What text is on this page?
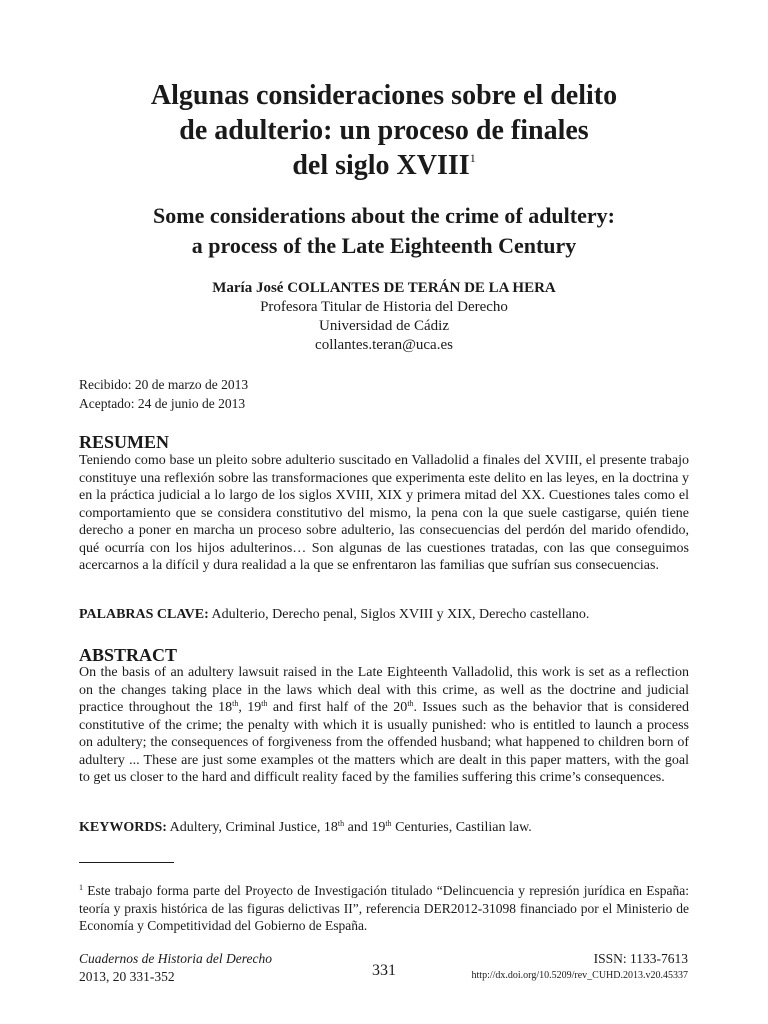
Algunas consideraciones sobre el delito
de adulterio: un proceso de finales
del siglo XVIII$^1$
Some considerations about the crime of adultery:
a process of the Late Eighteenth Century
María José COLLANTES DE TERÁN DE LA HERA
Profesora Titular de Historia del Derecho
Universidad de Cádiz
collantes.teran@uca.es
Recibido: 20 de marzo de 2013
Aceptado: 24 de junio de 2013
RESUMEN

Teniendo como base un pleito sobre adulterio suscitado en Valladolid a finales del XVIII, el presente trabajo constituye una reflexión sobre las transformaciones que experimenta este delito en las leyes, en la doctrina y en la práctica judicial a lo largo de los siglos XVIII, XIX y primera mitad del XX. Cuestiones tales como el comportamiento que se considera constitutivo del mismo, la pena con la que suele castigarse, quién tiene derecho a poner en marcha un proceso sobre adulterio, las consecuencias del perdón del marido ofendido, qué ocurría con los hijos adulterinos… Son algunas de las cuestiones tratadas, con las que conseguimos acercarnos a la difícil y dura realidad a la que se enfrentaron las familias que sufrían sus consecuencias.

PALABRAS CLAVE: Adulterio, Derecho penal, Siglos XVIII y XIX, Derecho castellano.

ABSTRACT

On the basis of an adultery lawsuit raised in the Late Eighteenth Valladolid, this work is set as a reflection on the changes taking place in the laws which deal with this crime, as well as the doctrine and judicial practice throughout the 18th, 19th and first half of the 20th. Issues such as the behavior that is considered constitutive of the crime; the penalty with which it is usually punished: who is entitled to launch a process on adultery; the consequences of forgiveness from the offended husband; what happened to children born of adultery ... These are just some examples ot the matters which are dealt in this paper matters, with the goal to get us closer to the hard and difficult reality faced by the families suffering this crime’s consequences.

KEYWORDS: Adultery, Criminal Justice, 18th and 19th Centuries, Castilian law.

$^1$ Este trabajo forma parte del Proyecto de Investigación titulado “Delincuencia y represión jurídica en España: teoría y praxis histórica de las figuras delictivas II”, referencia DER2012-31098 financiado por el Ministerio de Economía y Competitividad del Gobierno de España.

Cuadernos de Historia del Derecho
2013, 20 331-352	331
ISSN: 1133-7613
http://dx.doi.org/10.5209/rev_CUHD.2013.v20.45337
